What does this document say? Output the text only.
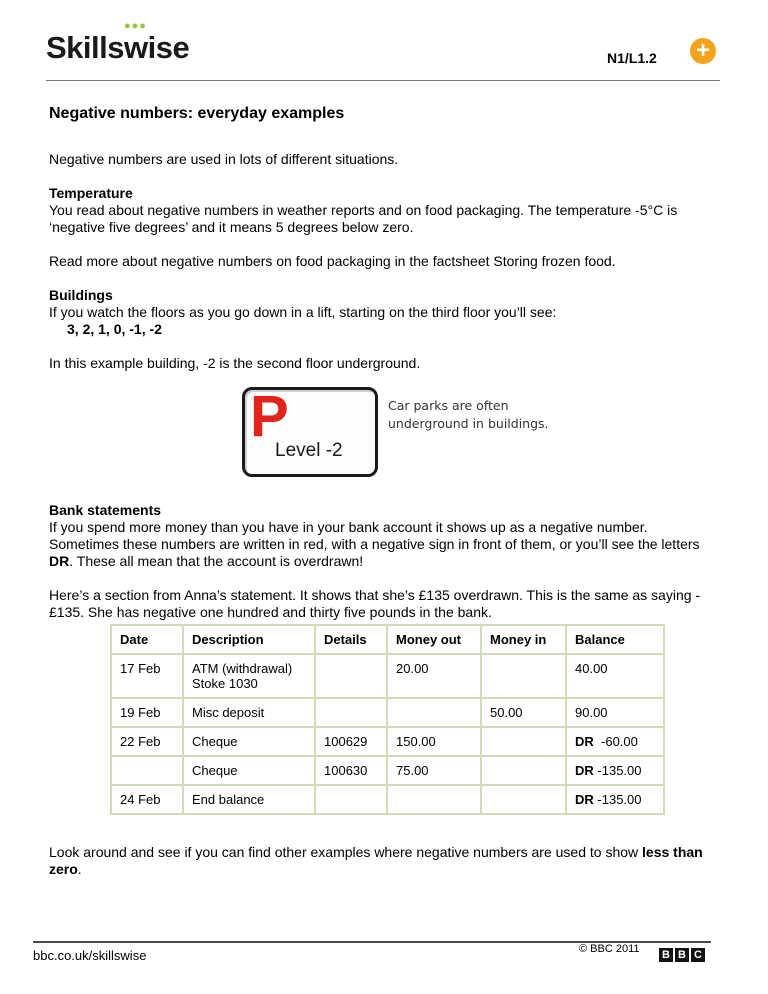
●●●
Skillswise	N1/L1.2 +
Negative numbers: everyday examples

Negative numbers are used in lots of different situations.

Temperature
You read about negative numbers in weather reports and on food packaging. The temperature -5°C is ‘negative five degrees’ and it means 5 degrees below zero.

Read more about negative numbers on food packaging in the factsheet Storing frozen food.

Buildings
If you watch the floors as you go down in a lift, starting on the third floor you’ll see:
3, 2, 1, 0, -1, -2

In this example building, -2 is the second floor underground.

P
Level -2
Car parks are often
underground in buildings.

Bank statements
If you spend more money than you have in your bank account it shows up as a negative number. Sometimes these numbers are written in red, with a negative sign in front of them, or you’ll see the letters DR. These all mean that the account is overdrawn!

Here’s a section from Anna’s statement. It shows that she’s £135 overdrawn. This is the same as saying -£135. She has negative one hundred and thirty five pounds in the bank.

Date	Description	Details	Money out	Money in	Balance
17 Feb	ATM (withdrawal) Stoke 1030		20.00		40.00
19 Feb	Misc deposit			50.00	90.00
22 Feb	Cheque	100629	150.00		DR -60.00
	Cheque	100630	75.00		DR -135.00
24 Feb	End balance				DR -135.00

Look around and see if you can find other examples where negative numbers are used to show less than zero.

bbc.co.uk/skillswise	© BBC 2011 B B C
